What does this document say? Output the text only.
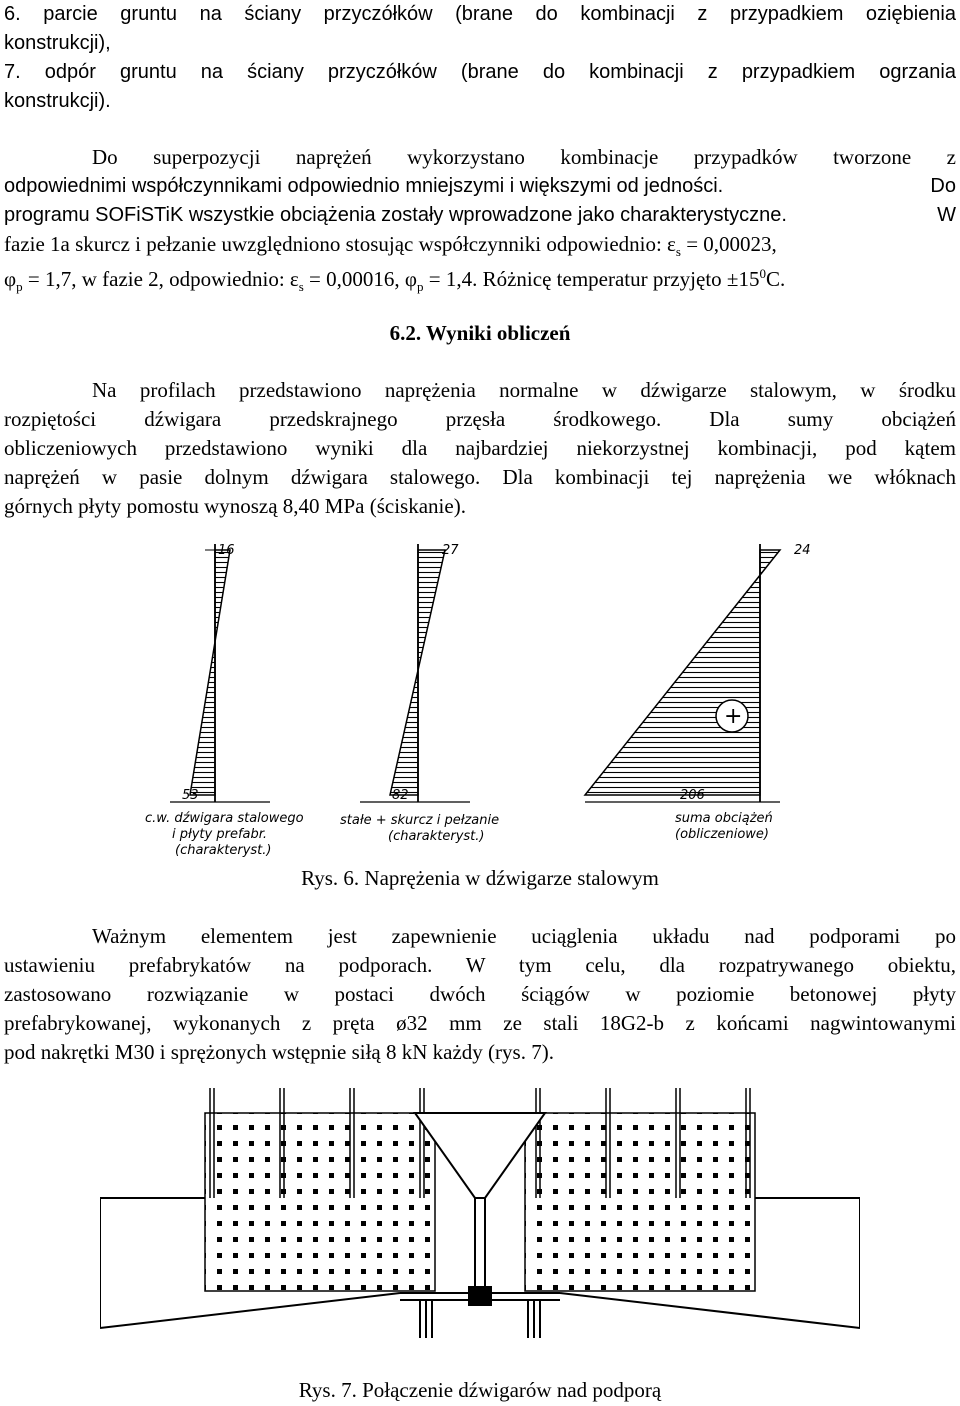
6. parcie gruntu na ściany przyczółków (brane do kombinacji z przypadkiem oziębienia
konstrukcji),
7. odpór gruntu na ściany przyczółków (brane do kombinacji z przypadkiem ogrzania
konstrukcji).
Do superpozycji naprężeń wykorzystano kombinacje przypadków tworzone z
odpowiednimi współczynnikami odpowiednio mniejszymi i większymi od jedności.	Do
programu SOFiSTiK wszystkie obciążenia zostały wprowadzone jako charakterystyczne.	W
fazie 1a skurcz i pełzanie uwzględniono stosując współczynniki odpowiednio: $\varepsilon_s = 0,00023$,
$\varphi_p = 1,7$, w fazie 2, odpowiednio: $\varepsilon_s = 0,00016$, $\varphi_p = 1,4$. Różnicę temperatur przyjęto $\pm 15^0C$.
6.2. Wyniki obliczeń
Na profilach przedstawiono naprężenia normalne w dźwigarze stalowym, w środku
rozpiętości dźwigara przedskrajnego przęsła środkowego. Dla sumy obciążeń
obliczeniowych przedstawiono wyniki dla najbardziej niekorzystnej kombinacji, pod kątem
naprężeń w pasie dolnym dźwigara stalowego. Dla kombinacji tej naprężenia we włóknach
górnych płyty pomostu wynoszą 8,40 MPa (ściskanie).
16
53
c.w. dźwigara stalowego
i płyty prefabr.
(charakteryst.)
27
82
stałe + skurcz i pełzanie
(charakteryst.)
+
24
206
suma obciążeń
(obliczeniowe)
Rys. 6. Naprężenia w dźwigarze stalowym
Ważnym elementem jest zapewnienie uciąglenia układu nad podporami po
ustawieniu prefabrykatów na podporach. W tym celu, dla rozpatrywanego obiektu,
zastosowano rozwiązanie w postaci dwóch ściągów w poziomie betonowej płyty
prefabrykowanej, wykonanych z pręta ø32 mm ze stali 18G2-b z końcami nagwintowanymi
pod nakrętki M30 i sprężonych wstępnie siłą 8 kN każdy (rys. 7).
Rys. 7. Połączenie dźwigarów nad podporą
